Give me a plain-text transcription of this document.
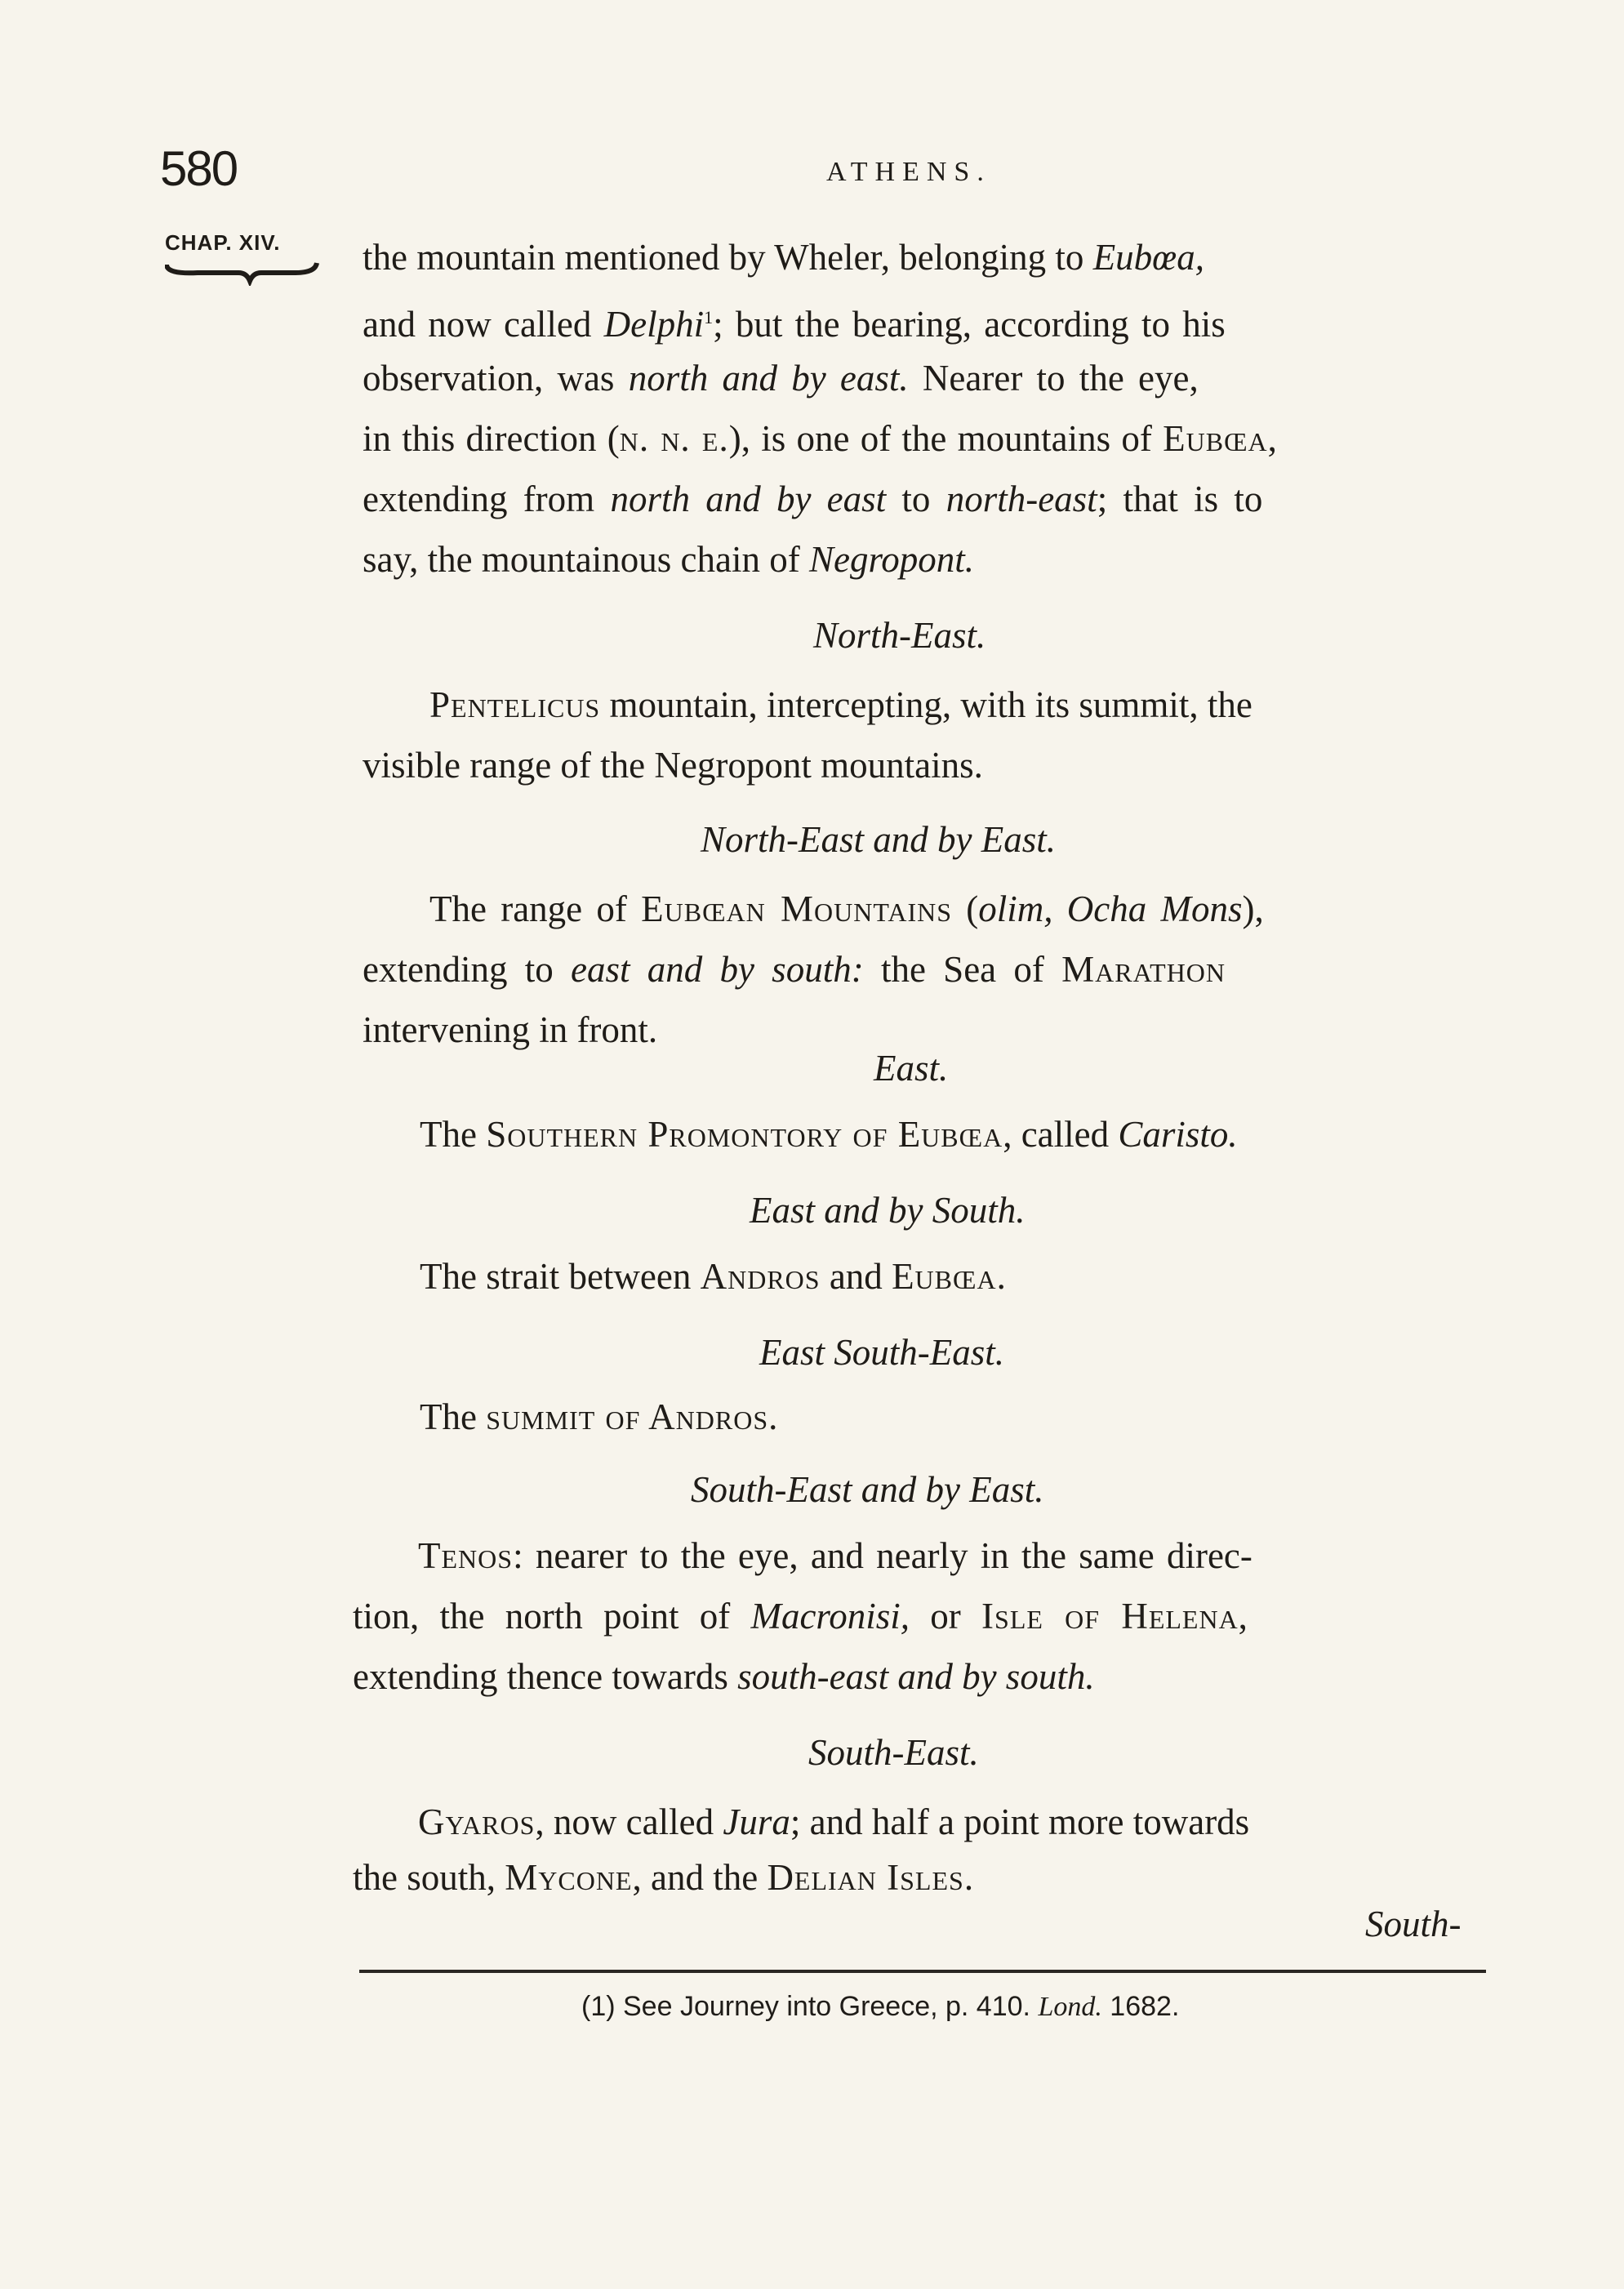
580	ATHENS.
CHAP. XIV.	the mountain mentioned by Wheler, belonging to Eubœa,
and now called Delphi$^1$; but the bearing, according to his
observation, was north and by east. Nearer to the eye,
in this direction (n. n. e.), is one of the mountains of Eubœa,
extending from north and by east to north-east; that is to
say, the mountainous chain of Negropont.
North-East.
Pentelicus mountain, intercepting, with its summit, the
visible range of the Negropont mountains.
North-East and by East.
The range of Eubœan Mountains (olim, Ocha Mons),
extending to east and by south: the Sea of Marathon
intervening in front.
East.
The Southern Promontory of Eubœa, called Caristo.
East and by South.
The strait between Andros and Eubœa.
East South-East.
The summit of Andros.
South-East and by East.
Tenos: nearer to the eye, and nearly in the same direc-
tion, the north point of Macronisi, or Isle of Helena,
extending thence towards south-east and by south.
South-East.
Gyaros, now called Jura; and half a point more towards
the south, Mycone, and the Delian Isles.
South-
(1) See Journey into Greece, p. 410. Lond. 1682.
